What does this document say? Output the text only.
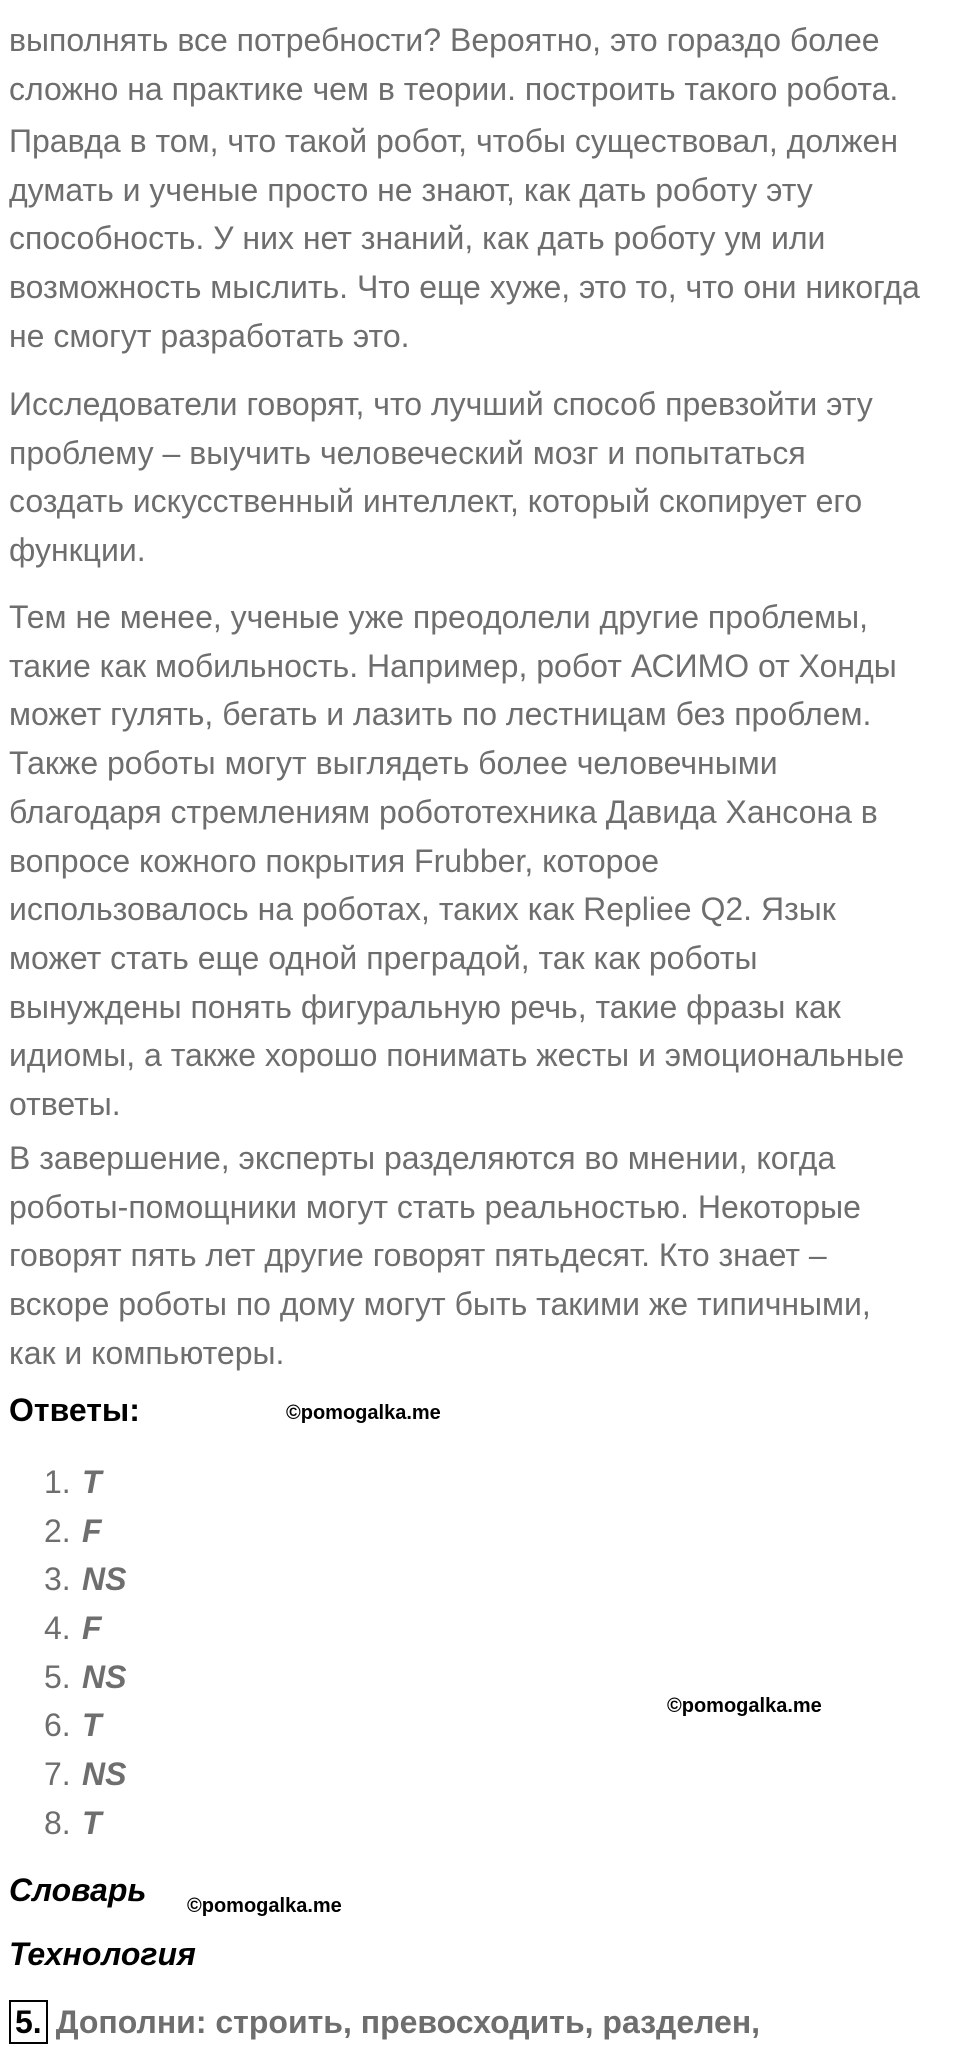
выполнять все потребности? Вероятно, это гораздо более
сложно на практике чем в теории. построить такого робота.

Правда в том, что такой робот, чтобы существовал, должен
думать и ученые просто не знают, как дать роботу эту
способность. У них нет знаний, как дать роботу ум или
возможность мыслить. Что еще хуже, это то, что они никогда
не смогут разработать это.

Исследователи говорят, что лучший способ превзойти эту
проблему – выучить человеческий мозг и попытаться
создать искусственный интеллект, который скопирует его
функции.

Тем не менее, ученые уже преодолели другие проблемы,
такие как мобильность. Например, робот АСИМО от Хонды
может гулять, бегать и лазить по лестницам без проблем.
Также роботы могут выглядеть более человечными
благодаря стремлениям робототехника Давида Хансона в
вопросе кожного покрытия Frubber, которое
использовалось на роботах, таких как Repliee Q2. Язык
может стать еще одной преградой, так как роботы
вынуждены понять фигуральную речь, такие фразы как
идиомы, а также хорошо понимать жесты и эмоциональные
ответы.

В завершение, эксперты разделяются во мнении, когда
роботы-помощники могут стать реальностью. Некоторые
говорят пять лет другие говорят пятьдесят. Кто знает –
вскоре роботы по дому могут быть такими же типичными,
как и компьютеры.

Ответы:	©pomogalka.me
1. T
2. F
3. NS
4. F
5. NS
6. T
7. NS
8. T
©pomogalka.me
Словарь ©pomogalka.me
Технология
5. Дополни: строить, превосходить, разделен,
